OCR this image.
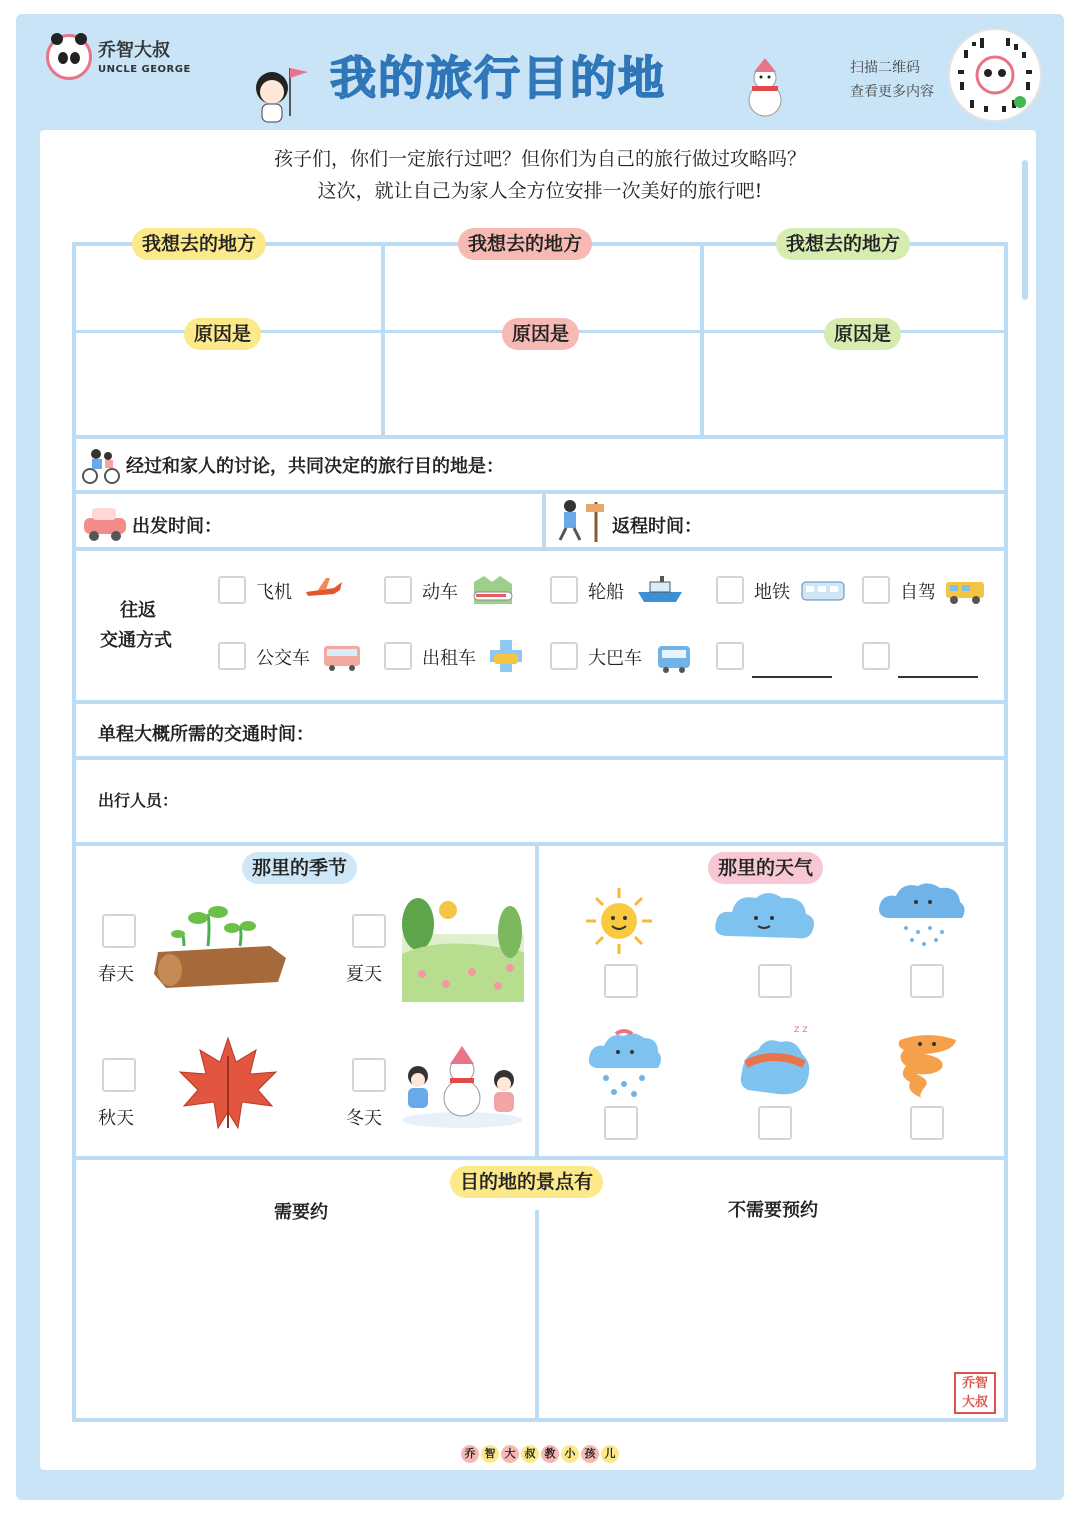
乔智大叔
UNCLE GEORGE	我的旅行目的地	扫描二维码
查看更多内容
孩子们，你们一定旅行过吧？但你们为自己的旅行做过攻略吗？
这次，就让自己为家人全方位安排一次美好的旅行吧!
我想去的地方	我想去的地方	我想去的地方
原因是	原因是	原因是
经过和家人的讨论，共同决定的旅行目的地是：
出发时间：	返程时间：
往返
交通方式
飞机	动车	轮船	地铁	自驾
公交车	出租车	大巴车
单程大概所需的交通时间：
出行人员：
那里的季节
春天	夏天
秋天	冬天
那里的天气
z z
目的地的景点有
需要约	不需要预约
乔智大叔
乔 智 大 叔 教 小 孩 儿
